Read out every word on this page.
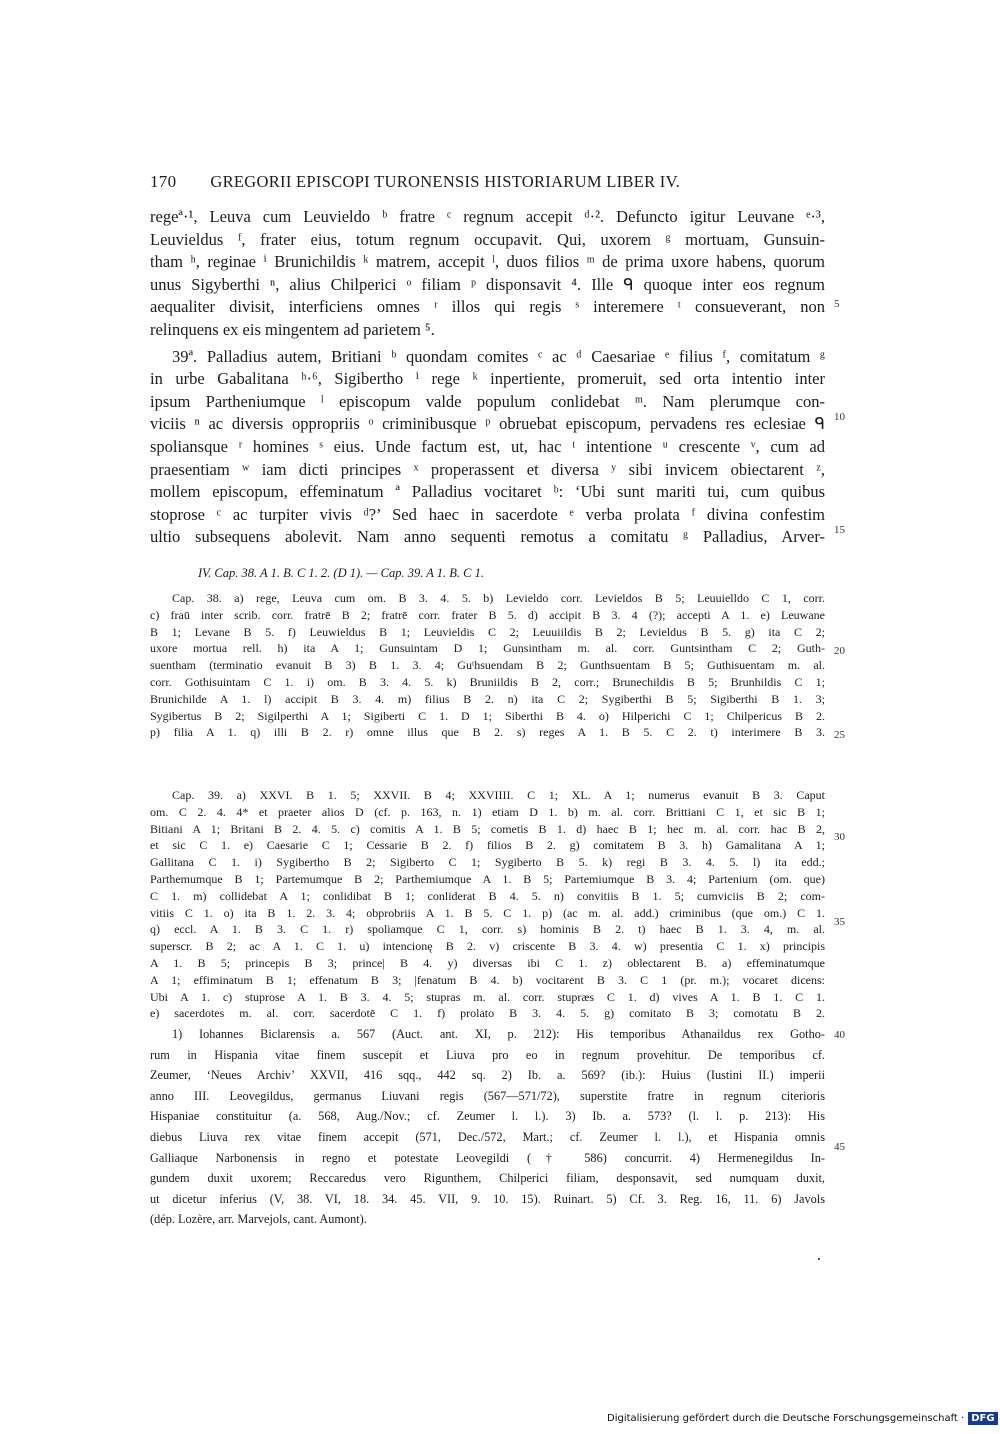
170 GREGORII EPISCOPI TURONENSIS HISTORIARUM LIBER IV.

regeª·¹, Leuva cum Leuvieldo ᵇ fratre ᶜ regnum accepit ᵈ·². Defuncto igitur Leuvane ᵉ·³,
Leuvieldus ᶠ, frater eius, totum regnum occupavit. Qui, uxorem ᵍ mortuam, Gunsuin-
tham ʰ, reginae ⁱ Brunichildis ᵏ matrem, accepit ˡ, duos filios ᵐ de prima uxore habens, quorum
unus Sigyberthi ⁿ, alius Chilperici ᵒ filiam ᵖ disponsavit ⁴. Ille ᑫ quoque inter eos regnum
aequaliter divisit, interficiens omnes ʳ illos qui regis ˢ interemere ᵗ consueverant, non
relinquens ex eis mingentem ad parietem ⁵.

39ª. Palladius autem, Britiani ᵇ quondam comites ᶜ ac ᵈ Caesariae ᵉ filius ᶠ, comitatum ᵍ
in urbe Gabalitana ʰ·⁶, Sigibertho ⁱ rege ᵏ inpertiente, promeruit, sed orta intentio inter
ipsum Partheniumque ˡ episcopum valde populum conlidebat ᵐ. Nam plerumque con-
viciis ⁿ ac diversis oppropriis ᵒ criminibusque ᵖ obruebat episcopum, pervadens res eclesiae ᑫ
spoliansque ʳ homines ˢ eius. Unde factum est, ut, hac ᵗ intentione ᵘ crescente ᵛ, cum ad
praesentiam ʷ iam dicti principes ˣ properassent et diversa ʸ sibi invicem obiectarent ᶻ,
mollem episcopum, effeminatum ª Palladius vocitaret ᵇ: ‘Ubi sunt mariti tui, cum quibus
stoprose ᶜ ac turpiter vivis ᵈ?’ Sed haec in sacerdote ᵉ verba prolata ᶠ divina confestim
ultio subsequens abolevit. Nam anno sequenti remotus a comitatu ᵍ Palladius, Arver-

IV. Cap. 38. A 1. B. C 1. 2. (D 1). — Cap. 39. A 1. B. C 1.
Cap. 38. a) rege, Leuva cum om. B 3. 4. 5. b) Levieldo corr. Levieldos B 5; Leuuielldo C 1, corr.
c) fraū inter scrib. corr. fratrē B 2; fratrē corr. frater B 5. d) accipit B 3. 4 (?); accepti A 1. e) Leuwane
B 1; Levane B 5. f) Leuwieldus B 1; Leuvieldis C 2; Leuuiildis B 2; Levieldus B 5. g) ita C 2;
uxore mortua rell. h) ita A 1; Gunsuintam D 1; Gunsintham m. al. corr. Guntsintham C 2; Guth-
suentham (terminatio evanuit B 3) B 1. 3. 4; Guᵗhsuendam B 2; Gunthsuentam B 5; Guthisuentam m. al.
corr. Gothisuintam C 1. i) om. B 3. 4. 5. k) Bruniildis B 2, corr.; Brunechildis B 5; Brunhildis C 1;
Brunichilde A 1. l) accipit B 3. 4. m) filius B 2. n) ita C 2; Sygiberthi B 5; Sigiberthi B 1. 3;
Sygibertus B 2; Sigilperthi A 1; Sigiberti C 1. D 1; Siberthi B 4. o) Hilperichi C 1; Chilpericus B 2.
p) filia A 1. q) illi B 2. r) omne illus que B 2. s) reges A 1. B 5. C 2. t) interimere B 3.
Cap. 39. a) XXVI. B 1. 5; XXVII. B 4; XXVIIII. C 1; XL. A 1; numerus evanuit B 3. Caput
om. C 2. 4. 4* et praeter alios D (cf. p. 163, n. 1) etiam D 1. b) m. al. corr. Brittiani C 1, et sic B 1;
Bitiani A 1; Britani B 2. 4. 5. c) comitis A 1. B 5; cometis B 1. d) haec B 1; hec m. al. corr. hac B 2,
et sic C 1. e) Caesarie C 1; Cessarie B 2. f) filios B 2. g) comitatem B 3. h) Gamalitana A 1;
Gallitana C 1. i) Sygibertho B 2; Sigiberto C 1; Sygiberto B 5. k) regi B 3. 4. 5. l) ita edd.;
Parthemumque B 1; Partemumque B 2; Parthemiumque A 1. B 5; Partemiumque B 3. 4; Partenium (om. que)
C 1. m) collidebat A 1; conlidibat B 1; conliderat B 4. 5. n) convitiis B 1. 5; cumviciis B 2; com-
vitiis C 1. o) ita B 1. 2. 3. 4; obprobriis A 1. B 5. C 1. p) (ac m. al. add.) criminibus (que om.) C 1.
q) eccl. A 1. B 3. C 1. r) spoliamque C 1, corr. s) hominis B 2. t) haec B 1. 3. 4, m. al.
superscr. B 2; ac A 1. C 1. u) intencionę B 2. v) criscente B 3. 4. w) presentia C 1. x) principis
A 1. B 5; princepis B 3; prince| B 4. y) diversas ibi C 1. z) oblectarent B. a) effeminatumque
A 1; effiminatum B 1; effenatum B 3; |fenatum B 4. b) vocitarent B 3. C 1 (pr. m.); vocaret dicens:
Ubi A 1. c) stuprose A 1. B 3. 4. 5; stupras m. al. corr. stupræs C 1. d) vives A 1. B 1. C 1.
e) sacerdotes m. al. corr. sacerdotē C 1. f) prolato B 3. 4. 5. g) comitato B 3; comotatu B 2.
1) Iohannes Biclarensis a. 567 (Auct. ant. XI, p. 212): His temporibus Athanaildus rex Gotho-
rum in Hispania vitae finem suscepit et Liuva pro eo in regnum provehitur. De temporibus cf.
Zeumer, ‘Neues Archiv’ XXVII, 416 sqq., 442 sq. 2) Ib. a. 569? (ib.): Huius (Iustini II.) imperii
anno III. Leovegildus, germanus Liuvani regis (567—571/72), superstite fratre in regnum citerioris
Hispaniae constituitur (a. 568, Aug./Nov.; cf. Zeumer l. l.). 3) Ib. a. 573? (l. l. p. 213): His
diebus Liuva rex vitae finem accepit (571, Dec./572, Mart.; cf. Zeumer l. l.), et Hispania omnis
Galliaque Narbonensis in regno et potestate Leovegildi († 586) concurrit. 4) Hermenegildus In-
gundem duxit uxorem; Reccaredus vero Rigunthem, Chilperici filiam, desponsavit, sed numquam duxit,
ut dicetur inferius (V, 38. VI, 18. 34. 45. VII, 9. 10. 15). Ruinart. 5) Cf. 3. Reg. 16, 11. 6) Javols
(dép. Lozère, arr. Marvejols, cant. Aumont).
5
10
15
20
25
30
35
40
45
Digitalisierung gefördert durch die Deutsche Forschungsgemeinschaft · DFG
